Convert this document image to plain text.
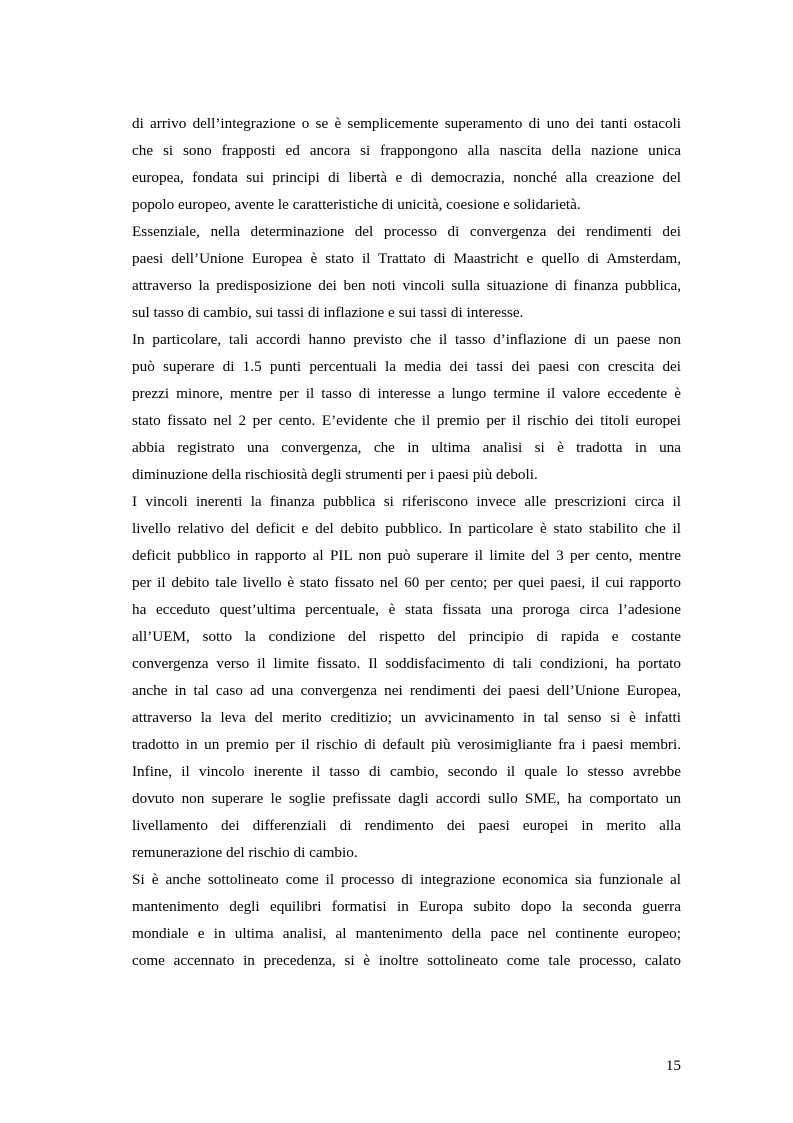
di arrivo dell’integrazione o se è semplicemente superamento di uno dei tanti ostacoli
che si sono frapposti ed ancora si frappongono alla nascita della nazione unica
europea, fondata sui principi di libertà e di democrazia, nonché alla creazione del
popolo europeo, avente le caratteristiche di unicità, coesione e solidarietà.
Essenziale, nella determinazione del processo di convergenza dei rendimenti dei
paesi dell’Unione Europea è stato il Trattato di Maastricht e quello di Amsterdam,
attraverso la predisposizione dei ben noti vincoli sulla situazione di finanza pubblica,
sul tasso di cambio, sui tassi di inflazione e sui tassi di interesse.
In particolare, tali accordi hanno previsto che il tasso d’inflazione di un paese non
può superare di 1.5 punti percentuali la media dei tassi dei paesi con crescita dei
prezzi minore, mentre per il tasso di interesse a lungo termine il valore eccedente è
stato fissato nel 2 per cento. E’evidente che il premio per il rischio dei titoli europei
abbia registrato una convergenza, che in ultima analisi si è tradotta in una
diminuzione della rischiosità degli strumenti per i paesi più deboli.
I vincoli inerenti la finanza pubblica si riferiscono invece alle prescrizioni circa il
livello relativo del deficit e del debito pubblico. In particolare è stato stabilito che il
deficit pubblico in rapporto al PIL non può superare il limite del 3 per cento, mentre
per il debito tale livello è stato fissato nel 60 per cento; per quei paesi, il cui rapporto
ha ecceduto quest’ultima percentuale, è stata fissata una proroga circa l’adesione
all’UEM, sotto la condizione del rispetto del principio di rapida e costante
convergenza verso il limite fissato. Il soddisfacimento di tali condizioni, ha portato
anche in tal caso ad una convergenza nei rendimenti dei paesi dell’Unione Europea,
attraverso la leva del merito creditizio; un avvicinamento in tal senso si è infatti
tradotto in un premio per il rischio di default più verosimigliante fra i paesi membri.
Infine, il vincolo inerente il tasso di cambio, secondo il quale lo stesso avrebbe
dovuto non superare le soglie prefissate dagli accordi sullo SME, ha comportato un
livellamento dei differenziali di rendimento dei paesi europei in merito alla
remunerazione del rischio di cambio.
Si è anche sottolineato come il processo di integrazione economica sia funzionale al
mantenimento degli equilibri formatisi in Europa subito dopo la seconda guerra
mondiale e in ultima analisi, al mantenimento della pace nel continente europeo;
come accennato in precedenza, si è inoltre sottolineato come tale processo, calato
15
